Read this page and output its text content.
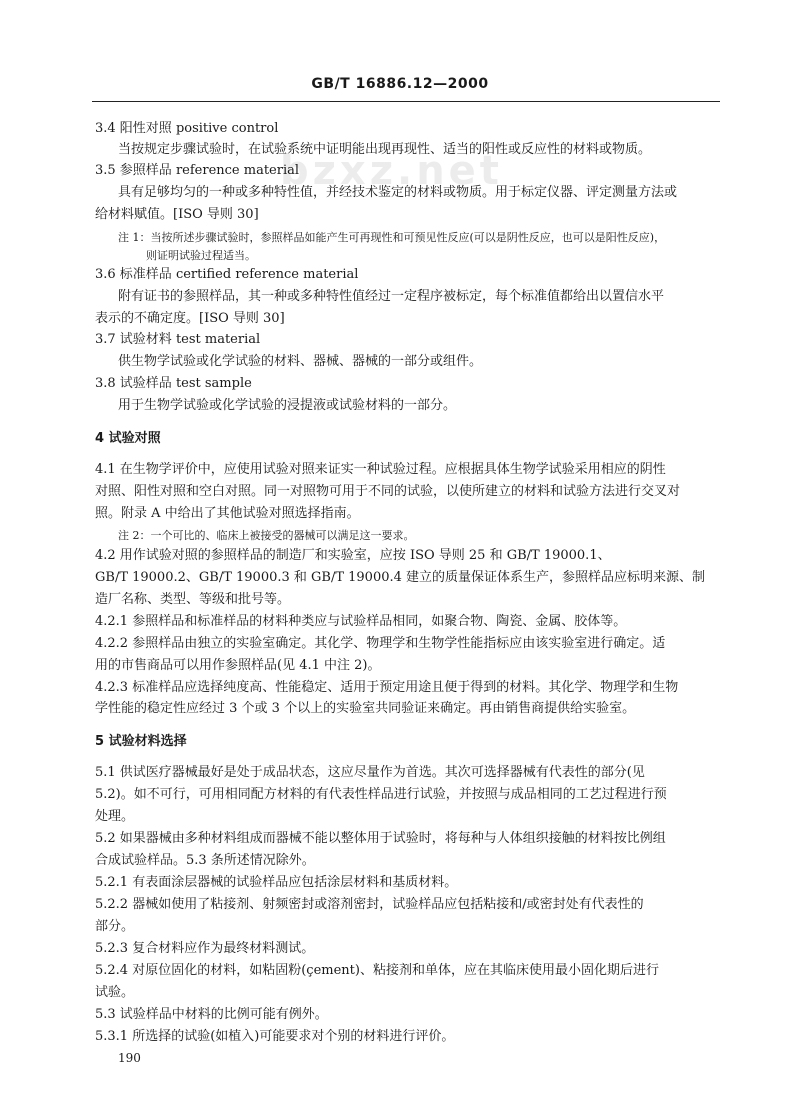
GB/T 16886.12—2000
bzxz.net
3.4 阳性对照 positive control
当按规定步骤试验时，在试验系统中证明能出现再现性、适当的阳性或反应性的材料或物质。
3.5 参照样品 reference material
具有足够均匀的一种或多种特性值，并经技术鉴定的材料或物质。用于标定仪器、评定测量方法或
给材料赋值。[ISO 导则 30]
注 1：当按所述步骤试验时，参照样品如能产生可再现性和可预见性反应(可以是阴性反应，也可以是阳性反应)，
则证明试验过程适当。
3.6 标准样品 certified reference material
附有证书的参照样品，其一种或多种特性值经过一定程序被标定，每个标准值都给出以置信水平
表示的不确定度。[ISO 导则 30]
3.7 试验材料 test material
供生物学试验或化学试验的材料、器械、器械的一部分或组件。
3.8 试验样品 test sample
用于生物学试验或化学试验的浸提液或试验材料的一部分。
4 试验对照
4.1 在生物学评价中，应使用试验对照来证实一种试验过程。应根据具体生物学试验采用相应的阴性
对照、阳性对照和空白对照。同一对照物可用于不同的试验，以使所建立的材料和试验方法进行交叉对
照。附录 A 中给出了其他试验对照选择指南。
注 2：一个可比的、临床上被接受的器械可以满足这一要求。
4.2 用作试验对照的参照样品的制造厂和实验室，应按 ISO 导则 25 和 GB/T 19000.1、
GB/T 19000.2、GB/T 19000.3 和 GB/T 19000.4 建立的质量保证体系生产，参照样品应标明来源、制
造厂名称、类型、等级和批号等。
4.2.1 参照样品和标准样品的材料种类应与试验样品相同，如聚合物、陶瓷、金属、胶体等。
4.2.2 参照样品由独立的实验室确定。其化学、物理学和生物学性能指标应由该实验室进行确定。适
用的市售商品可以用作参照样品(见 4.1 中注 2)。
4.2.3 标准样品应选择纯度高、性能稳定、适用于预定用途且便于得到的材料。其化学、物理学和生物
学性能的稳定性应经过 3 个或 3 个以上的实验室共同验证来确定。再由销售商提供给实验室。
5 试验材料选择
5.1 供试医疗器械最好是处于成品状态，这应尽量作为首选。其次可选择器械有代表性的部分(见
5.2)。如不可行，可用相同配方材料的有代表性样品进行试验，并按照与成品相同的工艺过程进行预
处理。
5.2 如果器械由多种材料组成而器械不能以整体用于试验时，将每种与人体组织接触的材料按比例组
合成试验样品。5.3 条所述情况除外。
5.2.1 有表面涂层器械的试验样品应包括涂层材料和基质材料。
5.2.2 器械如使用了粘接剂、射频密封或溶剂密封，试验样品应包括粘接和/或密封处有代表性的
部分。
5.2.3 复合材料应作为最终材料测试。
5.2.4 对原位固化的材料，如粘固粉(çement)、粘接剂和单体，应在其临床使用最小固化期后进行
试验。
5.3 试验样品中材料的比例可能有例外。
5.3.1 所选择的试验(如植入)可能要求对个别的材料进行评价。
190
